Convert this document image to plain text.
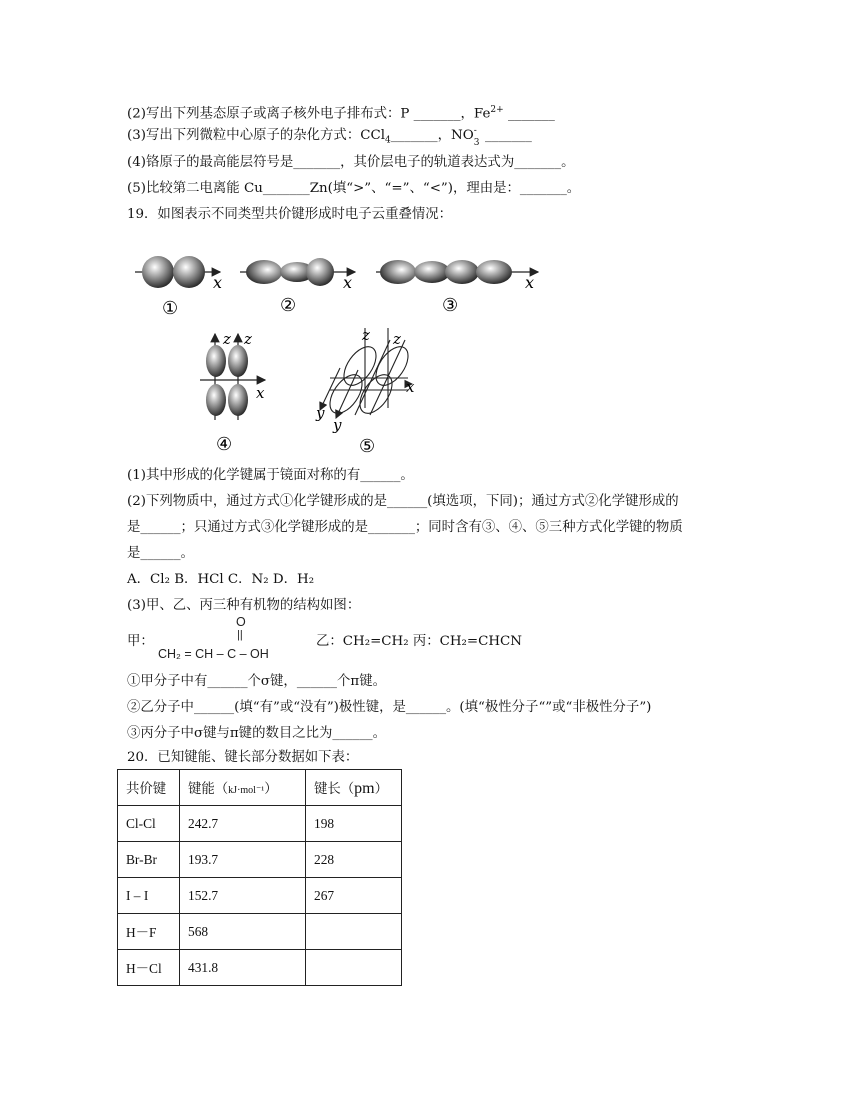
(2)写出下列基态原子或离子核外电子排布式：P _______，$Fe^{2+}$ _______
(3)写出下列微粒中心原子的杂化方式：CCl$_4$_______，NO -
3 _______
(4)铬原子的最高能层符号是_______，其价层电子的轨道表达式为_______。
(5)比较第二电离能 Cu_______Zn(填“>”、“=”、“<”)，理由是：_______。
19．如图表示不同类型共价键形成时电子云重叠情况：
x
①
x
②
x
③
z z
x
④
z z
x
y
y
⑤
(1)其中形成的化学键属于镜面对称的有______。
(2)下列物质中，通过方式①化学键形成的是______(填选项，下同)；通过方式②化学键形成的
是______；只通过方式③化学键形成的是_______；同时含有③、④、⑤三种方式化学键的物质
是______。
A．Cl₂ B．HCl C．N₂ D．H₂
(3)甲、乙、丙三种有机物的结构如图：
甲：
O
||
CH₂ = CH – C – OH
乙：CH₂=CH₂ 丙：CH₂=CHCN
①甲分子中有______个σ键，______个π键。
②乙分子中______(填“有”或“没有”)极性键，是______。(填“极性分子“”或“非极性分子”)
③丙分子中σ键与π键的数目之比为______。
20．已知键能、键长部分数据如下表：
共价键	键能（kJ·mol⁻¹）	键长（pm）
Cl-Cl	242.7	198
Br-Br	193.7	228
I – I	152.7	267
H－F	568	
H－Cl	431.8	
